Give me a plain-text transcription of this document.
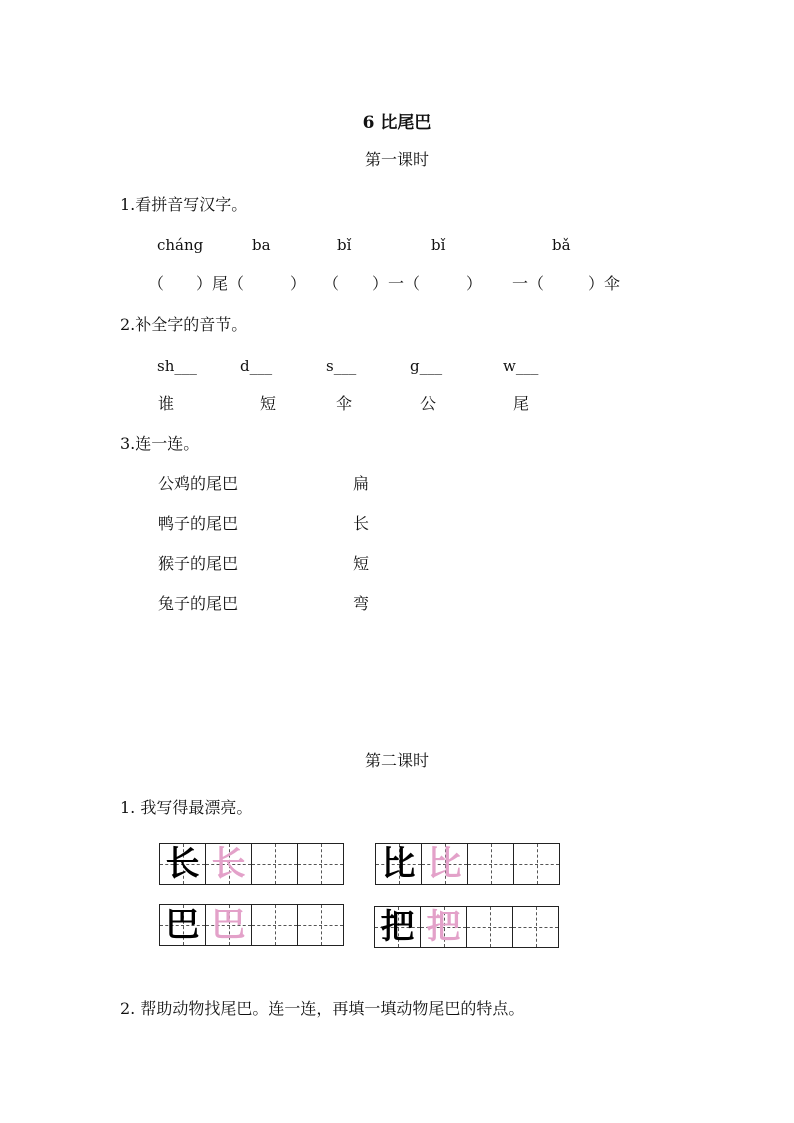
6 比尾巴
第一课时
1.看拼音写汉字。
cháng	ba	bǐ	bǐ	bǎ
（ ）尾（	） （ ）一（	） 一（	）伞
2.补全字的音节。
sh___	d___	s___	g___	w___
谁	短	伞	公	尾
3.连一连。
公鸡的尾巴
鸭子的尾巴
猴子的尾巴
兔子的尾巴
扁
长
短
弯
第二课时
1. 我写得最漂亮。
长 长	比 比
巴 巴	把 把
2. 帮助动物找尾巴。连一连，再填一填动物尾巴的特点。
